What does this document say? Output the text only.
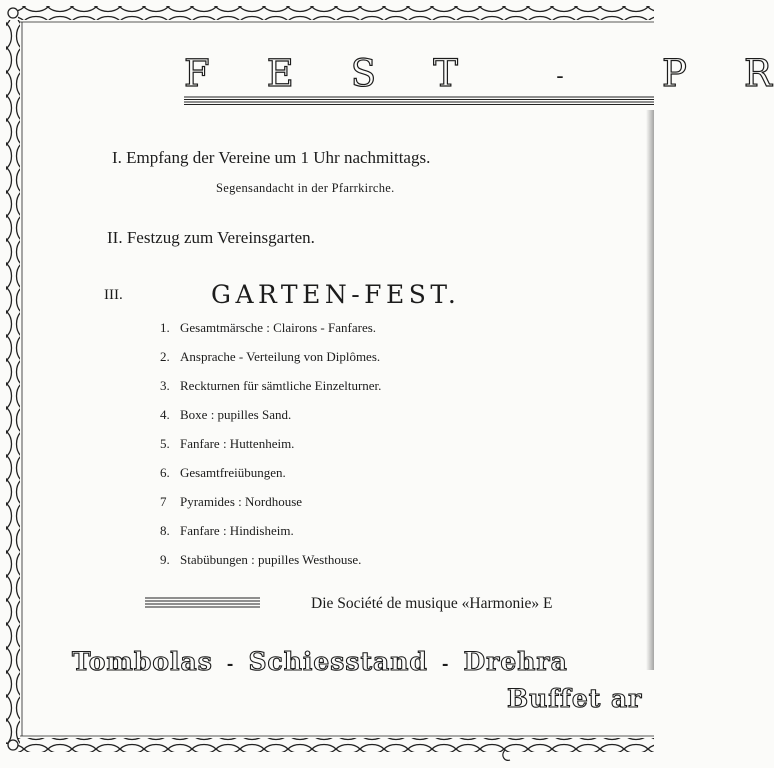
F E S T	-	P R
I. Empfang der Vereine um 1 Uhr nachmittags.
Segensandacht in der Pfarrkirche.
II. Festzug zum Vereinsgarten.
III.	GARTEN-FEST.
1. Gesamtmärsche : Clairons - Fanfares.
2. Ansprache - Verteilung von Diplômes.
3. Reckturnen für sämtliche Einzelturner.
4. Boxe : pupilles Sand.
5. Fanfare : Huttenheim.
6. Gesamtfreiübungen.
7 Pyramides : Nordhouse
8. Fanfare : Hindisheim.
9. Stabübungen : pupilles Westhouse.
Die Société de musique «Harmonie» E
Tombolas - Schiesstand - Drehra
Buffet ar
